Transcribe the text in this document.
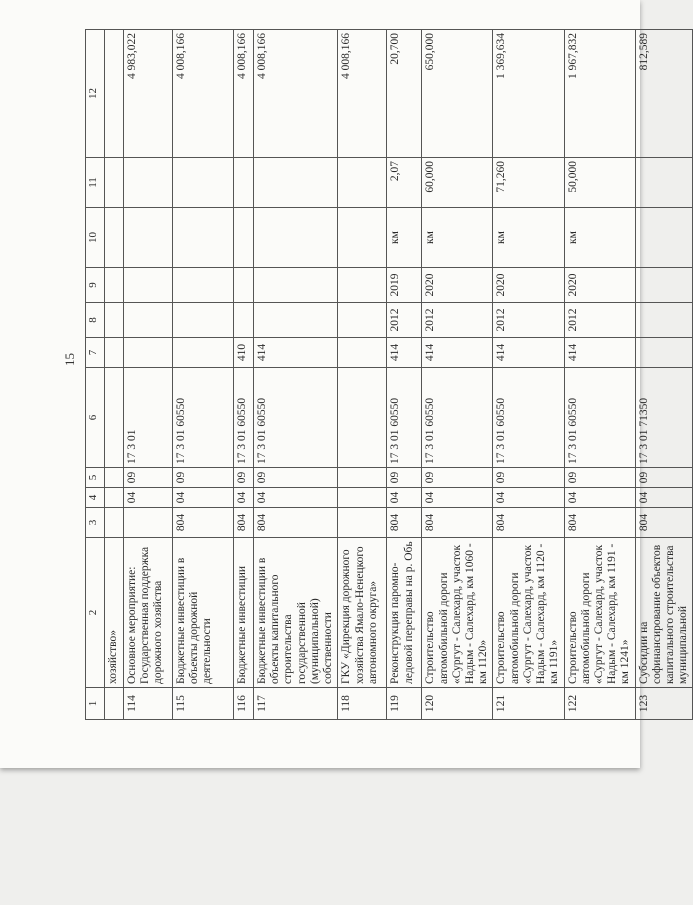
15
1	2	3	4	5	6	7	8	9	10	11	12
	хозяйство»										
114	Основное мероприятие: Государственная поддержка дорожного хозяйства		04	09	17 3 01						4 983,022
115	Бюджетные инвестиции в объекты дорожной деятельности	804	04	09	17 3 01 60550						4 008,166
116	Бюджетные инвестиции	804	04	09	17 3 01 60550	410					4 008,166
117	Бюджетные инвестиции в объекты капитального строительства государственной (муниципальной) собственности	804	04	09	17 3 01 60550	414					4 008,166
118	ГКУ «Дирекция дорожного хозяйства Ямало-Ненецкого автономного округа»										4 008,166
119	Реконструкция паромно-ледовой переправы на р. Обь	804	04	09	17 3 01 60550	414	2012	2019	км	2,07	20,700
120	Строительство автомобильной дороги «Сургут - Салехард, участок Надым - Салехард, км 1060 - км 1120»	804	04	09	17 3 01 60550	414	2012	2020	км	60,000	650,000
121	Строительство автомобильной дороги «Сургут - Салехард, участок Надым - Салехард, км 1120 - км 1191»	804	04	09	17 3 01 60550	414	2012	2020	км	71,260	1 369,634
122	Строительство автомобильной дороги «Сургут - Салехард, участок Надым - Салехард, км 1191 - км 1241»	804	04	09	17 3 01 60550	414	2012	2020	км	50,000	1 967,832
123	Субсидии на софинансирование объектов капитального строительства муниципальной	804	04	09	17 3 01 71350						812,589
